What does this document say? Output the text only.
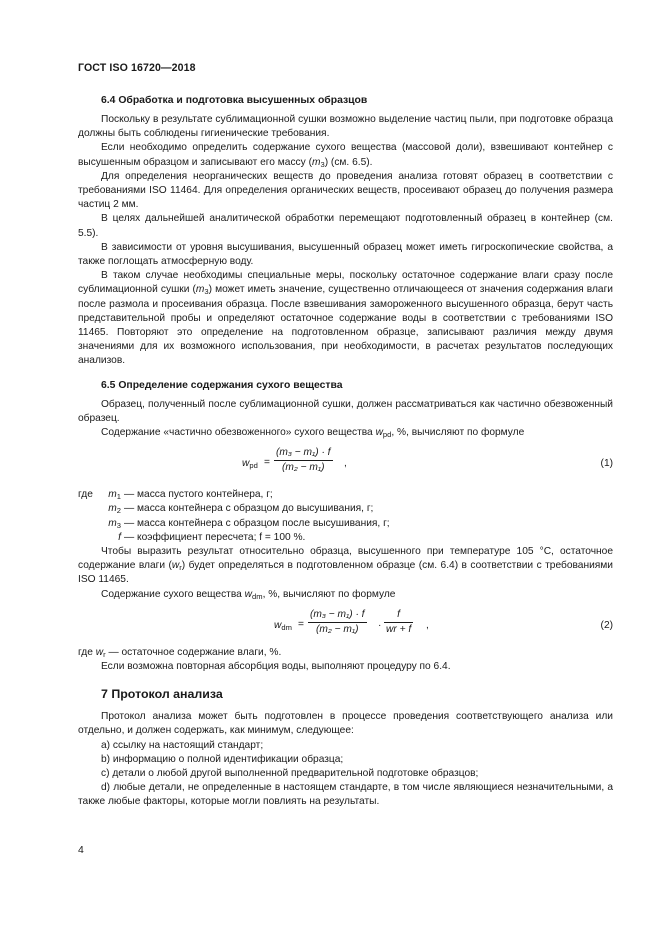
ГОСТ ISO 16720—2018
6.4 Обработка и подготовка высушенных образцов

Поскольку в результате сублимационной сушки возможно выделение частиц пыли, при подготовке образца должны быть соблюдены гигиенические требования.

Если необходимо определить содержание сухого вещества (массовой доли), взвешивают контейнер с высушенным образцом и записывают его массу $(m_3)$ (см. 6.5).

Для определения неорганических веществ до проведения анализа готовят образец в соответствии с требованиями ISO 11464. Для определения органических веществ, просеивают образец до получения размера частиц 2 мм.

В целях дальнейшей аналитической обработки перемещают подготовленный образец в контейнер (см. 5.5).

В зависимости от уровня высушивания, высушенный образец может иметь гигроскопические свойства, а также поглощать атмосферную воду.

В таком случае необходимы специальные меры, поскольку остаточное содержание влаги сразу после сублимационной сушки $(m_3)$ может иметь значение, существенно отличающееся от значения содержания влаги после размола и просеивания образца. После взвешивания замороженного высушенного образца, берут часть представительной пробы и определяют остаточное содержание воды в соответствии с требованиями ISO 11465. Повторяют это определение на подготовленном образце, записывают различия между двумя значениями для их возможного использования, при необходимости, в расчетах результатов последующих анализов.

6.5 Определение содержания сухого вещества

Образец, полученный после сублимационной сушки, должен рассматриваться как частично обезвоженный образец.

Содержание «частично обезвоженного» сухого вещества $w_{pd}$, %, вычисляют по формуле

$w_{pd} = \frac{\text{(m₃ − m₁) · f}}{\text{(m₂ − m₁)}}$ ,	(1)
где $m_1$ — масса пустого контейнера, г;
$m_2$ — масса контейнера с образцом до высушивания, г;
$m_3$ — масса контейнера с образцом после высушивания, г;
f — коэффициент пересчета; f = 100 %.

Чтобы выразить результат относительно образца, высушенного при температуре 105 °С, остаточное содержание влаги $(w_r)$ будет определяться в подготовленном образце (см. 6.4) в соответствии с требованиями ISO 11465.

Содержание сухого вещества $w_{dm}$, %, вычисляют по формуле

$w_{dm} = \frac{\text{(m₃ − m₁) · f}}{\text{(m₂ − m₁)}} \cdot \frac{f}{wr + f}$ ,	(2)

где $w_r$ — остаточное содержание влаги, %.

Если возможна повторная абсорбция воды, выполняют процедуру по 6.4.

7 Протокол анализа

Протокол анализа может быть подготовлен в процессе проведения соответствующего анализа или отдельно, и должен содержать, как минимум, следующее:

а) ссылку на настоящий стандарт;

b) информацию о полной идентификации образца;

c) детали о любой другой выполненной предварительной подготовке образцов;

d) любые детали, не определенные в настоящем стандарте, в том числе являющиеся незначительными, а также любые факторы, которые могли повлиять на результаты.

4
